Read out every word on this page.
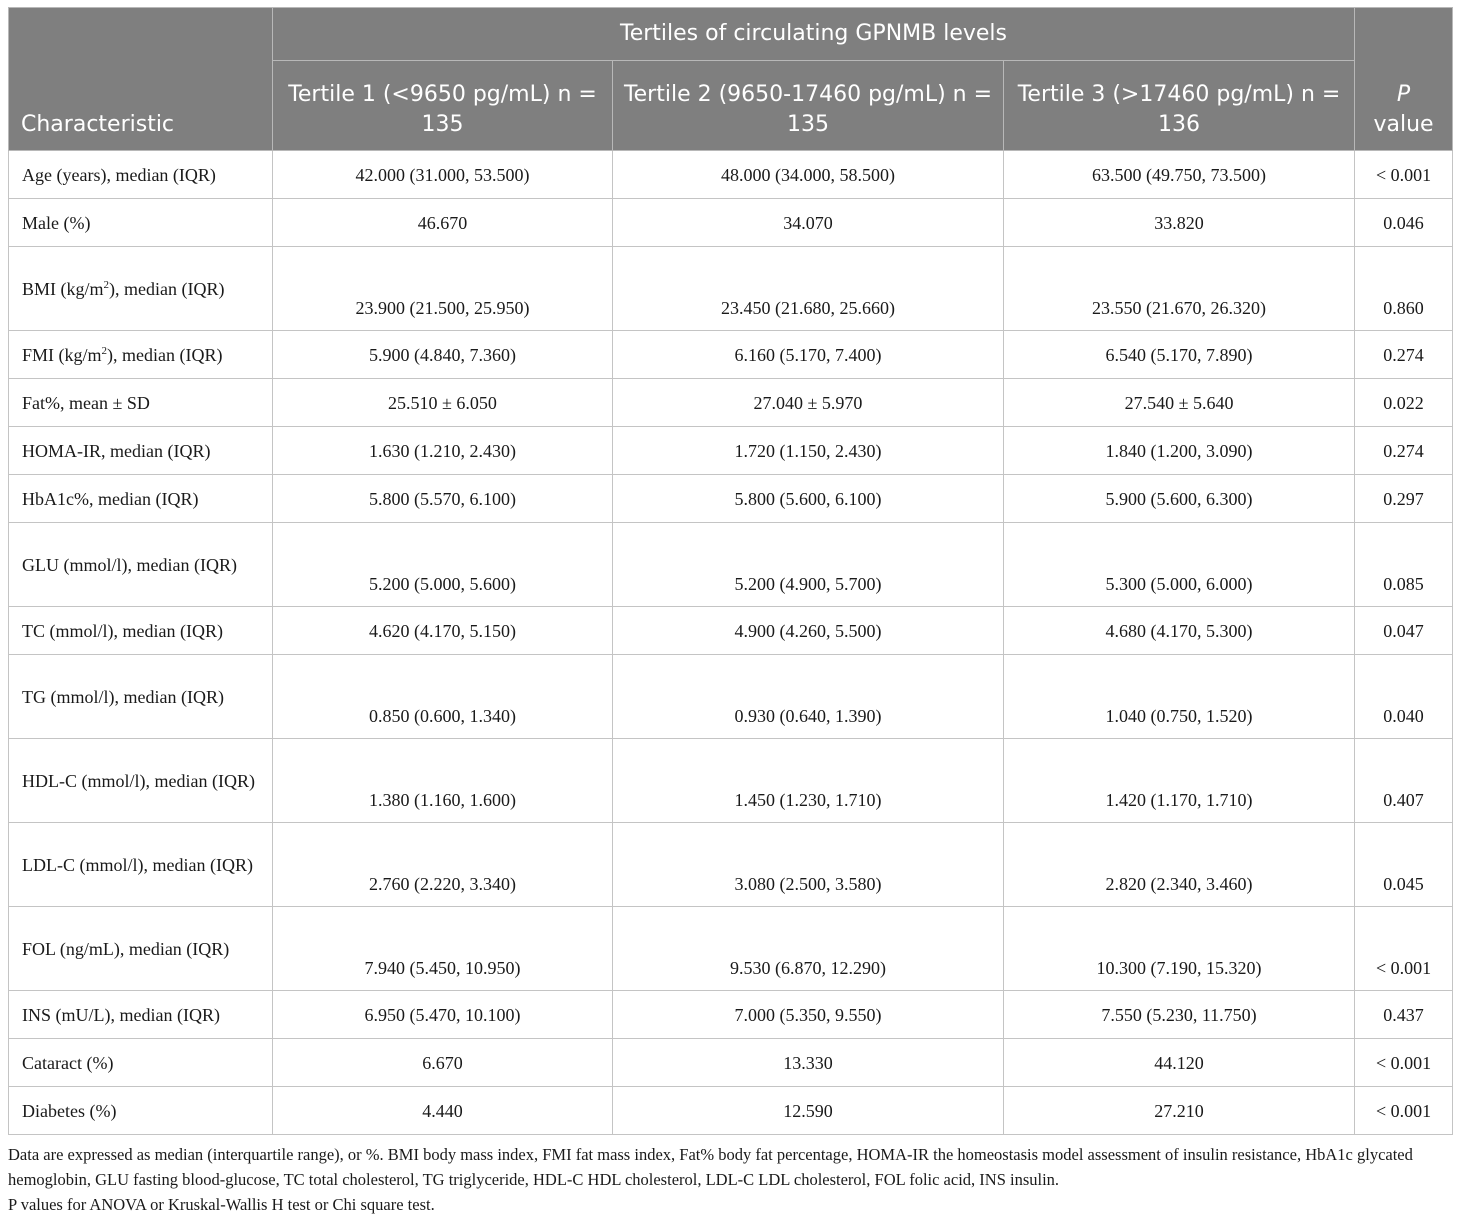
Characteristic	Tertiles of circulating GPNMB levels			P
value
	Tertile 1 (<9650 pg/mL) n = 135	Tertile 2 (9650-17460 pg/mL) n = 135	Tertile 3 (>17460 pg/mL) n = 136	
Age (years), median (IQR)	42.000 (31.000, 53.500)	48.000 (34.000, 58.500)	63.500 (49.750, 73.500)	< 0.001
Male (%)	46.670	34.070	33.820	0.046
BMI $(kg/m^2)$, median (IQR)	23.900 (21.500, 25.950)	23.450 (21.680, 25.660)	23.550 (21.670, 26.320)	0.860
FMI $(kg/m^2)$, median (IQR)	5.900 (4.840, 7.360)	6.160 (5.170, 7.400)	6.540 (5.170, 7.890)	0.274
Fat%, mean ± SD	25.510 ± 6.050	27.040 ± 5.970	27.540 ± 5.640	0.022
HOMA-IR, median (IQR)	1.630 (1.210, 2.430)	1.720 (1.150, 2.430)	1.840 (1.200, 3.090)	0.274
HbA1c%, median (IQR)	5.800 (5.570, 6.100)	5.800 (5.600, 6.100)	5.900 (5.600, 6.300)	0.297
GLU (mmol/l), median (IQR)	5.200 (5.000, 5.600)	5.200 (4.900, 5.700)	5.300 (5.000, 6.000)	0.085
TC (mmol/l), median (IQR)	4.620 (4.170, 5.150)	4.900 (4.260, 5.500)	4.680 (4.170, 5.300)	0.047
TG (mmol/l), median (IQR)	0.850 (0.600, 1.340)	0.930 (0.640, 1.390)	1.040 (0.750, 1.520)	0.040
HDL-C (mmol/l), median (IQR)	1.380 (1.160, 1.600)	1.450 (1.230, 1.710)	1.420 (1.170, 1.710)	0.407
LDL-C (mmol/l), median (IQR)	2.760 (2.220, 3.340)	3.080 (2.500, 3.580)	2.820 (2.340, 3.460)	0.045
FOL (ng/mL), median (IQR)	7.940 (5.450, 10.950)	9.530 (6.870, 12.290)	10.300 (7.190, 15.320)	< 0.001
INS (mU/L), median (IQR)	6.950 (5.470, 10.100)	7.000 (5.350, 9.550)	7.550 (5.230, 11.750)	0.437
Cataract (%)	6.670	13.330	44.120	< 0.001
Diabetes (%)	4.440	12.590	27.210	< 0.001

Data are expressed as median (interquartile range), or %. BMI body mass index, FMI fat mass index, Fat% body fat percentage, HOMA-IR the homeostasis model assessment of insulin resistance, HbA1c glycated hemoglobin, GLU fasting blood-glucose, TC total cholesterol, TG triglyceride, HDL-C HDL cholesterol, LDL-C LDL cholesterol, FOL folic acid, INS insulin.

P values for ANOVA or Kruskal-Wallis H test or Chi square test.
